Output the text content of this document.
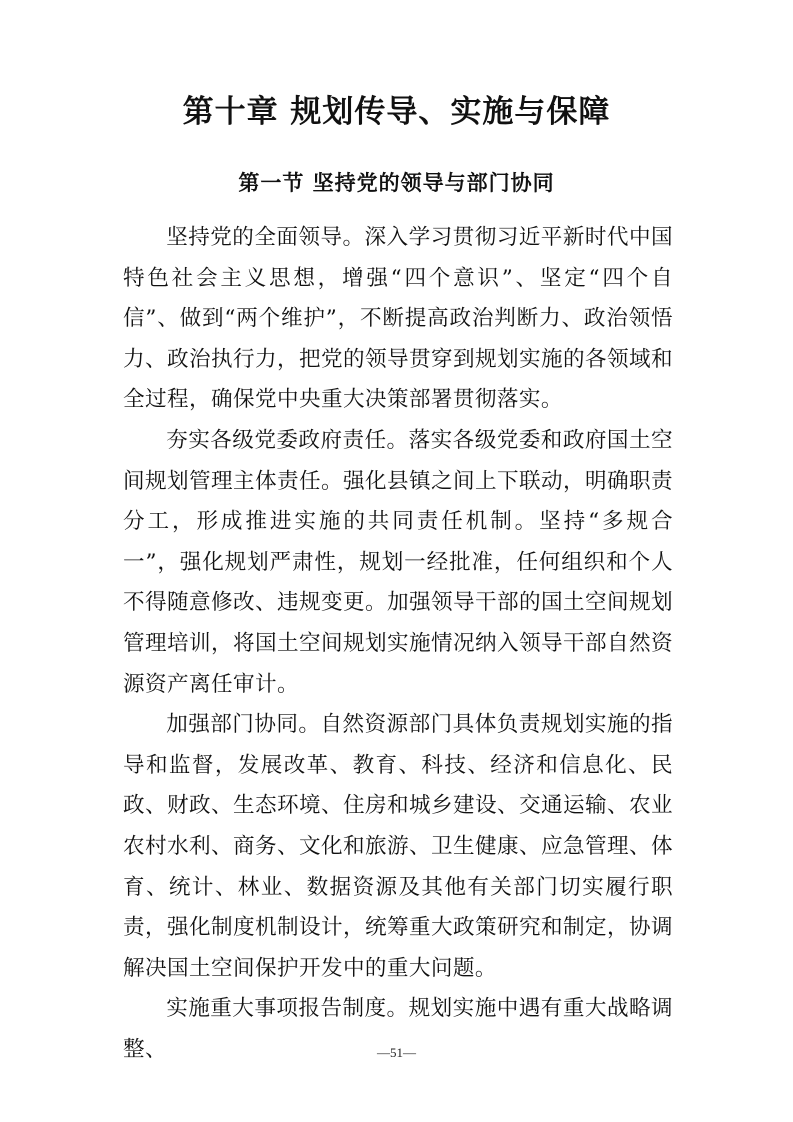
第十章 规划传导、实施与保障
第一节 坚持党的领导与部门协同

坚持党的全面领导。深入学习贯彻习近平新时代中国特色社会主义思想，增强“四个意识”、坚定“四个自信”、做到“两个维护”，不断提高政治判断力、政治领悟力、政治执行力，把党的领导贯穿到规划实施的各领域和全过程，确保党中央重大决策部署贯彻落实。

夯实各级党委政府责任。落实各级党委和政府国土空间规划管理主体责任。强化县镇之间上下联动，明确职责分工，形成推进实施的共同责任机制。坚持“多规合一”，强化规划严肃性，规划一经批准，任何组织和个人不得随意修改、违规变更。加强领导干部的国土空间规划管理培训，将国土空间规划实施情况纳入领导干部自然资源资产离任审计。

加强部门协同。自然资源部门具体负责规划实施的指导和监督，发展改革、教育、科技、经济和信息化、民政、财政、生态环境、住房和城乡建设、交通运输、农业农村水利、商务、文化和旅游、卫生健康、应急管理、体育、统计、林业、数据资源及其他有关部门切实履行职责，强化制度机制设计，统筹重大政策研究和制定，协调解决国土空间保护开发中的重大问题。

实施重大事项报告制度。规划实施中遇有重大战略调整、	—51—
